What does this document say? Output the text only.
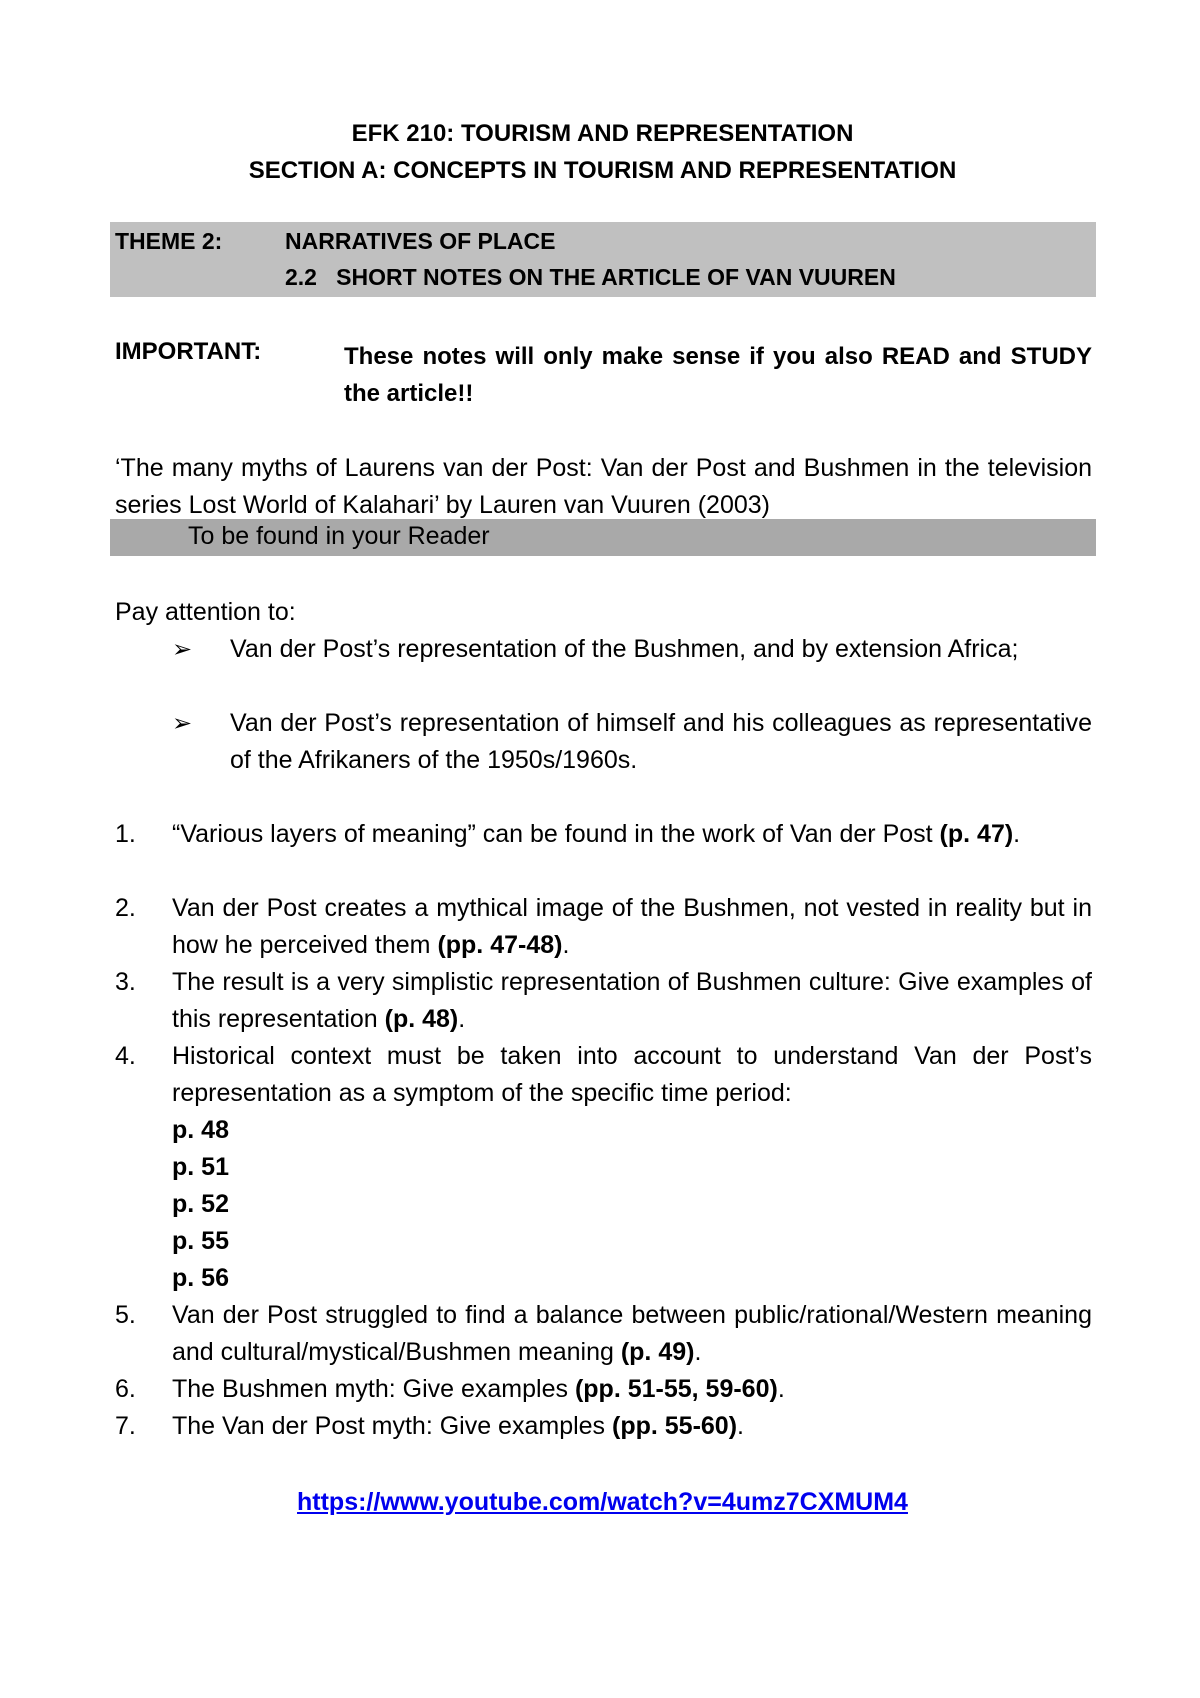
EFK 210: TOURISM AND REPRESENTATION
SECTION A: CONCEPTS IN TOURISM AND REPRESENTATION
THEME 2:	NARRATIVES OF PLACE
2.2 SHORT NOTES ON THE ARTICLE OF VAN VUUREN
IMPORTANT:	These notes will only make sense if you also READ and STUDY the article!!
‘The many myths of Laurens van der Post: Van der Post and Bushmen in the television series Lost World of Kalahari’ by Lauren van Vuuren (2003)
To be found in your Reader
Pay attention to:
➢ Van der Post’s representation of the Bushmen, and by extension Africa;
➢ Van der Post’s representation of himself and his colleagues as representative of the Afrikaners of the 1950s/1960s.
1. “Various layers of meaning” can be found in the work of Van der Post (p. 47).
2. Van der Post creates a mythical image of the Bushmen, not vested in reality but in how he perceived them (pp. 47-48).
3. The result is a very simplistic representation of Bushmen culture: Give examples of this representation (p. 48).
4. Historical context must be taken into account to understand Van der Post’s representation as a symptom of the specific time period:
p. 48
p. 51
p. 52
p. 55
p. 56
5. Van der Post struggled to find a balance between public/rational/Western meaning and cultural/mystical/Bushmen meaning (p. 49).
6. The Bushmen myth: Give examples (pp. 51-55, 59-60).
7. The Van der Post myth: Give examples (pp. 55-60).
https://www.youtube.com/watch?v=4umz7CXMUM4
